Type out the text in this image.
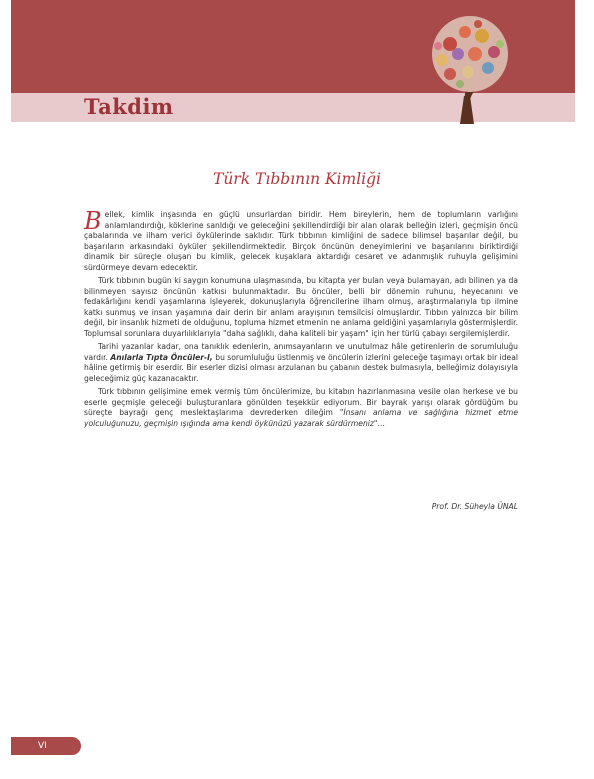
Takdim
Türk Tıbbının Kimliği

Bellek, kimlik inşasında en güçlü unsurlardan biridir. Hem bireylerin, hem de toplumların varlığını anlamlandırdığı, köklerine sanldığı ve geleceğini şekillendirdiği bir alan olarak belleğin izleri, geçmişin öncü çabalarında ve ilham verici öykülerinde saklıdır. Türk tıbbının kimliğini de sadece bilimsel başarılar değil, bu başarıların arkasındaki öyküler şekillendirmektedir. Birçok öncünün deneyimlerini ve başarılarını biriktirdiği dinamik bir süreçle oluşan bu kimlik, gelecek kuşaklara aktardığı cesaret ve adanmışlık ruhuyla gelişimini sürdürmeye devam edecektir.

Türk tıbbının bugün ki saygın konumuna ulaşmasında, bu kitapta yer bulan veya bulamayan, adı bilinen ya da bilinmeyen sayısız öncünün katkısı bulunmaktadır. Bu öncüler, belli bir dönemin ruhunu, heyecanını ve fedakârlığını kendi yaşamlarına işleyerek, dokunuşlarıyla öğrencilerine ilham olmuş, araştırmalarıyla tıp ilmine katkı sunmuş ve insan yaşamına dair derin bir anlam arayışının temsilcisi olmuşlardır. Tıbbın yalnızca bir bilim değil, bir insanlık hizmeti de olduğunu, topluma hizmet etmenin ne anlama geldiğini yaşamlarıyla göstermişlerdir. Toplumsal sorunlara duyarlılıklarıyla "daha sağlıklı, daha kaliteli bir yaşam" için her türlü çabayı sergilemişlerdir.

Tarihi yazanlar kadar, ona tanıklık edenlerin, anımsayanların ve unutulmaz hâle getirenlerin de sorumluluğu vardır. Anılarla Tıpta Öncüler-I, bu sorumluluğu üstlenmiş ve öncülerin izlerini geleceğe taşımayı ortak bir ideal hâline getirmiş bir eserdir. Bir eserler dizisi olması arzulanan bu çabanın destek bulmasıyla, belleğimiz dolayısıyla geleceğimiz güç kazanacaktır.

Türk tıbbının gelişimine emek vermiş tüm öncülerimize, bu kitabın hazırlanmasına vesile olan herkese ve bu eserle geçmişle geleceği buluşturanlara gönülden teşekkür ediyorum. Bir bayrak yarışı olarak gördüğüm bu süreçte bayrağı genç meslektaşlarıma devrederken dileğim "İnsanı anlama ve sağlığına hizmet etme yolculuğunuzu, geçmişin ışığında ama kendi öykünüzü yazarak sürdürmeniz"…

Prof. Dr. Süheyla ÜNAL
VI
